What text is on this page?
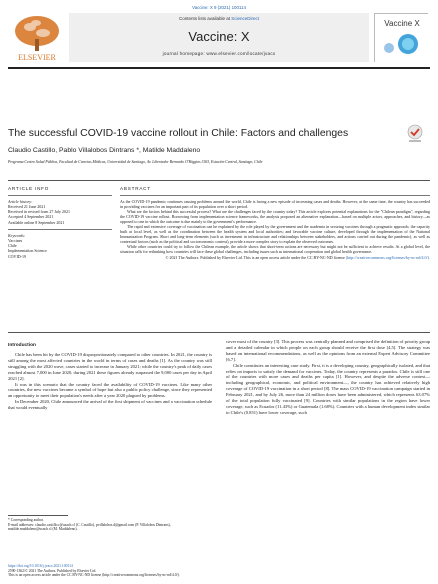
Vaccine: X 9 (2021) 100114
ELSEVIER
Contents lists available at ScienceDirect
Vaccine: X
journal homepage: www.elsevier.com/locate/jvacx
Vaccine X
The successful COVID-19 vaccine rollout in Chile: Factors and challenges
Claudio Castillo, Pablo Villalobos Dintrans *, Matilde Maddaleno
Programa Centro Salud Pública, Facultad de Ciencias Médicas, Universidad de Santiago, Av. Libertador Bernardo O'Higgins 3363, Estación Central, Santiago, Chile
ARTICLE INFO
Article history:
Received 21 June 2021
Received in revised form 27 July 2021
Accepted 4 September 2021
Available online 8 September 2021
Keywords:
Vaccines
Chile
Implementation Science
COVID-19
ABSTRACT

As the COVID-19 pandemic continues causing problems around the world, Chile is facing a new episode of increasing cases and deaths. However, at the same time, the country has succeeded in providing vaccines for an important part of its population over a short period.

What are the factors behind this successful process? What are the challenges faced by the country today? This article explores potential explanations for the "Chilean paradigm", regarding the COVID-19 vaccine rollout. Borrowing from implementation science frameworks, the analysis proposed an alternative explanation—based on multiple actors, approaches, and history—as opposed to one in which the outcome is due mainly to the government's performance.

The rapid and extensive coverage of vaccination can be explained by the role played by the government and the academia in securing vaccines through a pragmatic approach; the capacity built at local level, as well as the coordination between the health system and local authorities; and favorable vaccine culture, developed through the implementation of the National Immunization Program. Short and long-term elements (such as investment in infrastructure and relationships between stakeholders, and actions carried out during the pandemic), as well as contextual factors (such as the political and socioeconomic context), provide a more complex story to explain the observed outcomes.

While other countries could try to follow the Chilean example, the article shows that short-term actions are necessary but might not be sufficient to achieve results. At a global level, the situation calls for rethinking how countries will face these global challenges, including issues such as international cooperation and global health governance.

© 2021 The Authors. Published by Elsevier Ltd. This is an open access article under the CC BY-NC-ND license (http://creativecommons.org/licenses/by-nc-nd/4.0/).

Introduction

Chile has been hit by the COVID-19 disproportionately compared to other countries. In 2021, the country is still among the most affected countries in the world in terms of cases and deaths [1]. As the country was still struggling with the 2020 wave, cases started to increase in January 2021; while the country's peak of daily cases reached almost 7,000 in June 2020, during 2021 these figures already surpassed the 9,000 cases per day in April 2021 [2].

It was in this scenario that the country faced the availability of COVID-19 vaccines. Like many other countries, the new vaccines became a symbol of hope but also a public policy challenge, since they represented an opportunity to meet their population's needs after a year 2020 plagued by problems.

In December 2020, Chile announced the arrival of the first shipment of vaccines and a vaccination schedule that would eventually

cover most of the country [3]. This process was centrally planned and comprised the definition of priority group and a detailed calendar in which people on each group should receive the first dose [4,5]. The strategy was based on international recommendations, as well as the opinions from an external Expert Advisory Committee [6,7].

Chile constitutes an interesting case study. First, it is a developing country, geographically isolated, and that relies on imports to satisfy the demand for vaccines. Today, the country represents a paradox. Chile is still one of the countries with more cases and deaths per capita [1]. However, and despite the adverse context—including geographical, economic, and political environment—, the country has achieved relatively high coverage of COVID-19 vaccination in a short period [8]. The mass COVID-19 vaccination campaign started in February 2021, and by July 26, more than 24 million doses have been administered, which represents 63.07% of the total population fully vaccinated [9]. Countries with similar populations in the region have lower coverage, such as Ecuador (11.43%) or Guatemala (1.68%). Countries with a human development index similar to Chile's (0.851) have lower coverage, such

* Corresponding author.
E-mail addresses: claudio.castillo.r@usach.cl (C. Castillo), pvillalobos.d@gmail.com (P. Villalobos Dintrans), matilde.maddaleno@usach.cl (M. Maddaleno).
https://doi.org/10.1016/j.jvacx.2021.100114
2590-1362/© 2021 The Authors. Published by Elsevier Ltd.
This is an open access article under the CC BY-NC-ND license (http://creativecommons.org/licenses/by-nc-nd/4.0/).
